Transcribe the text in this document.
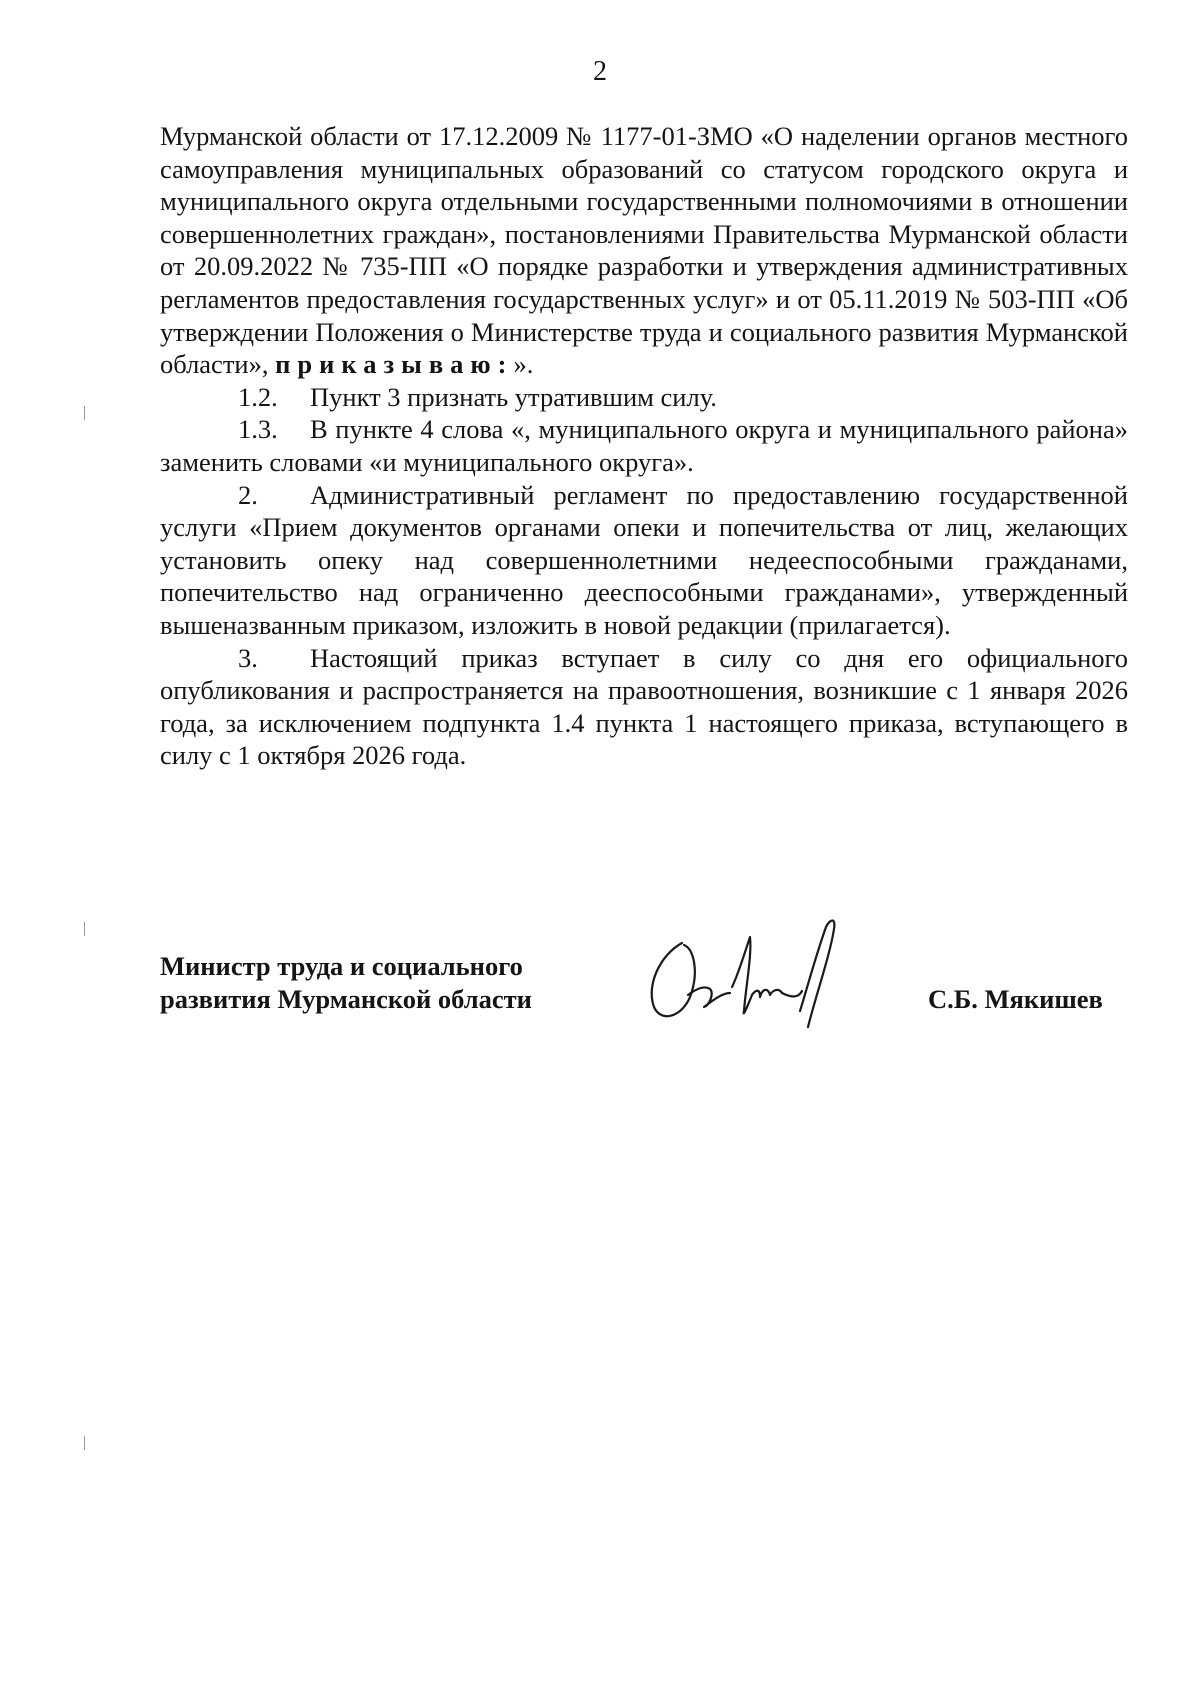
2

Мурманской области от 17.12.2009 № 1177-01-ЗМО «О наделении органов местного самоуправления муниципальных образований со статусом городского округа и муниципального округа отдельными государственными полномочиями в отношении совершеннолетних граждан», постановлениями Правительства Мурманской области от 20.09.2022 № 735-ПП «О порядке разработки и утверждения административных регламентов предоставления государственных услуг» и от 05.11.2019 № 503-ПП «Об утверждении Положения о Министерстве труда и социального развития Мурманской области», приказываю:».

1.2. Пункт 3 признать утратившим силу.

1.3. В пункте 4 слова «, муниципального округа и муниципального района» заменить словами «и муниципального округа».

2. Административный регламент по предоставлению государственной услуги «Прием документов органами опеки и попечительства от лиц, желающих установить опеку над совершеннолетними недееспособными гражданами, попечительство над ограниченно дееспособными гражданами», утвержденный вышеназванным приказом, изложить в новой редакции (прилагается).

3. Настоящий приказ вступает в силу со дня его официального опубликования и распространяется на правоотношения, возникшие с 1 января 2026 года, за исключением подпункта 1.4 пункта 1 настоящего приказа, вступающего в силу с 1 октября 2026 года.

Министр труда и социального
развития Мурманской области	С.Б. Мякишев
